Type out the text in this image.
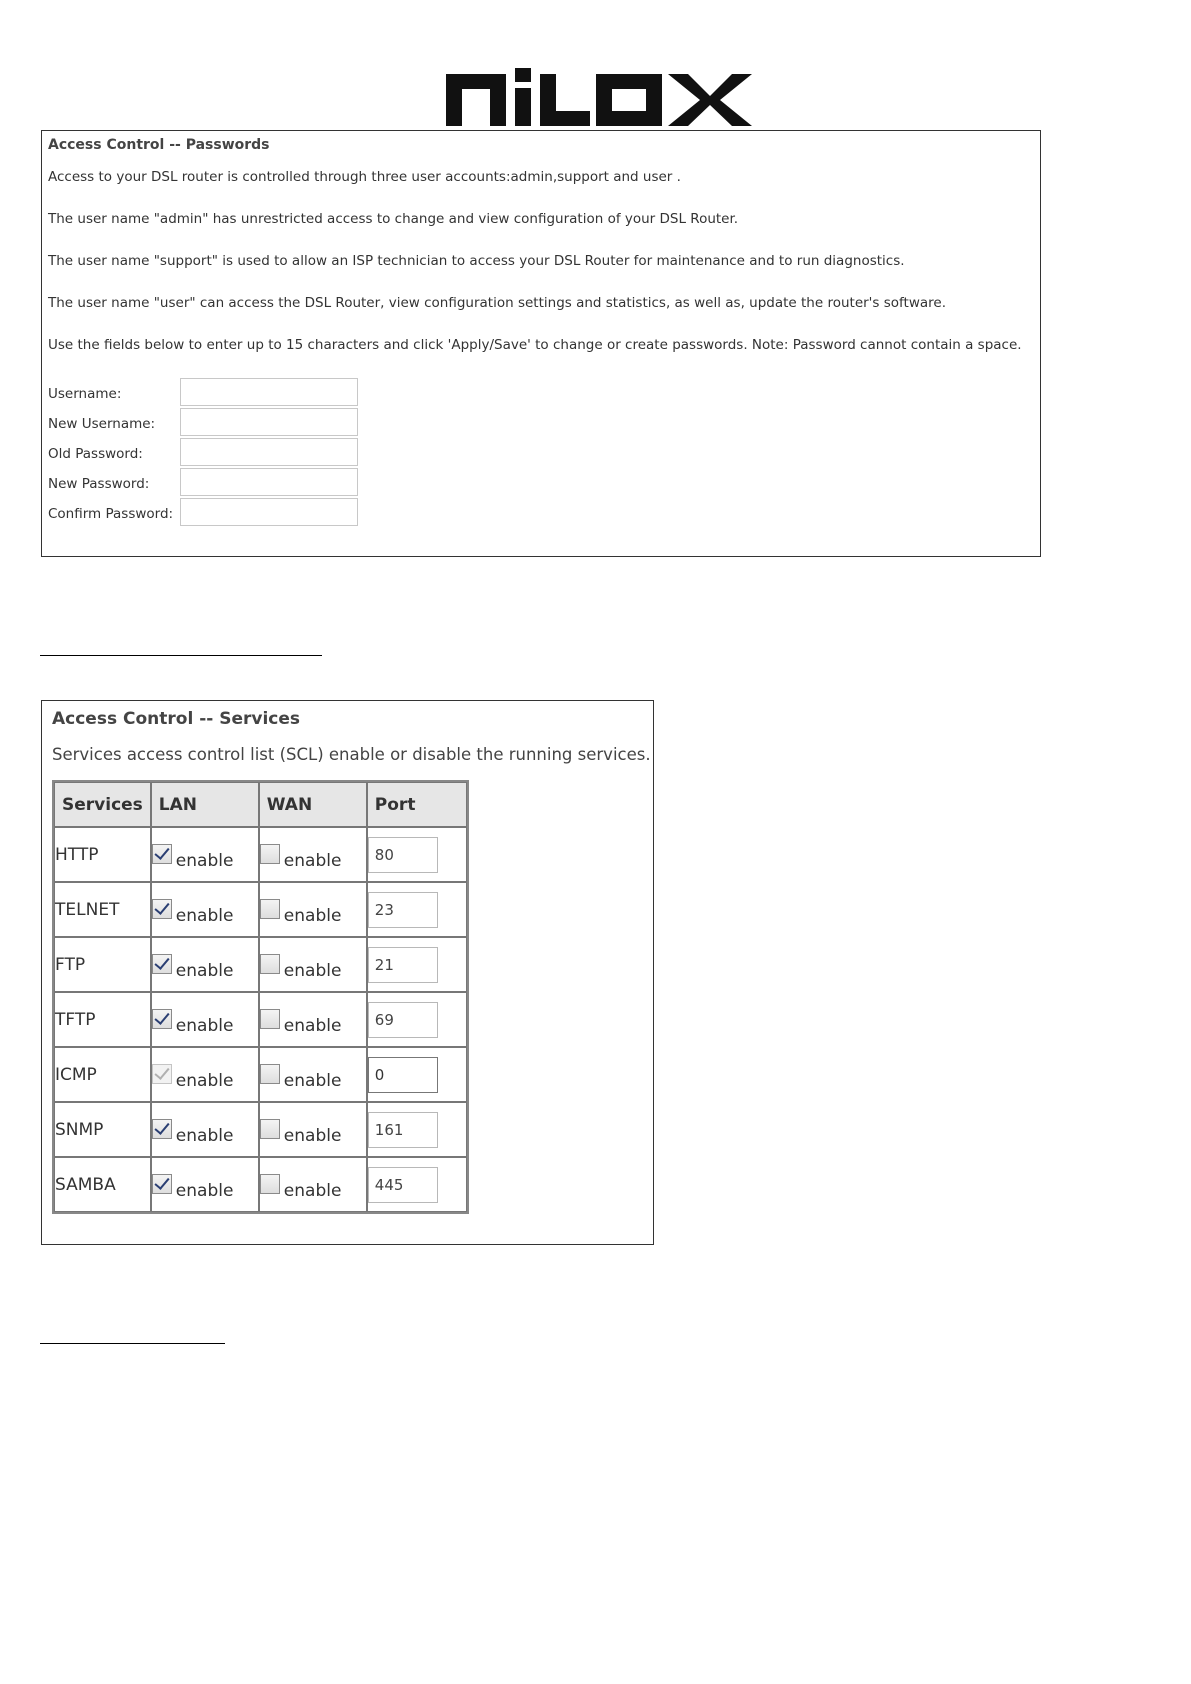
Access Control -- Passwords
Access to your DSL router is controlled through three user accounts:admin,support and user .
The user name "admin" has unrestricted access to change and view configuration of your DSL Router.
The user name "support" is used to allow an ISP technician to access your DSL Router for maintenance and to run diagnostics.
The user name "user" can access the DSL Router, view configuration settings and statistics, as well as, update the router's software.
Use the fields below to enter up to 15 characters and click 'Apply/Save' to change or create passwords. Note: Password cannot contain a space.
Username:
New Username:
Old Password:
New Password:
Confirm Password:
Access Control -- Services
Services access control list (SCL) enable or disable the running services.
Services	LAN	WAN	Port
HTTP	enable	enable	80
TELNET	enable	enable	23
FTP	enable	enable	21
TFTP	enable	enable	69
ICMP	enable	enable	0
SNMP	enable	enable	161
SAMBA	enable	enable	445
